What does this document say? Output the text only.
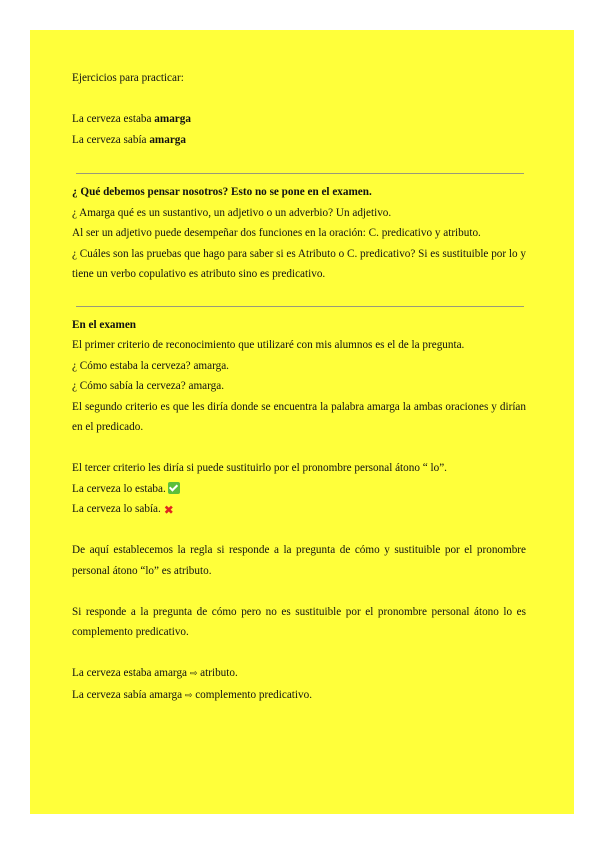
Ejercicios para practicar:
La cerveza estaba amarga
La cerveza sabía amarga
¿ Qué debemos pensar nosotros? Esto no se pone en el examen.
¿ Amarga qué es un sustantivo, un adjetivo o un adverbio? Un adjetivo.
Al ser un adjetivo puede desempeñar dos funciones en la oración: C. predicativo y atributo.
¿ Cuáles son las pruebas que hago para saber si es Atributo o C. predicativo? Si es sustituible por lo y tiene un verbo copulativo es atributo sino es predicativo.
En el examen
El primer criterio de reconocimiento que utilizaré con mis alumnos es el de la pregunta.
¿ Cómo estaba la cerveza? amarga.
¿ Cómo sabía la cerveza? amarga.
El segundo criterio es que les diría donde se encuentra la palabra amarga la ambas oraciones y dirían en el predicado.
El tercer criterio les diría si puede sustituirlo por el pronombre personal átono “ lo”.
La cerveza lo estaba.
La cerveza lo sabía. ✖
De aquí establecemos la regla si responde a la pregunta de cómo y sustituible por el pronombre personal átono “lo” es atributo.
Si responde a la pregunta de cómo pero no es sustituible por el pronombre personal átono lo es complemento predicativo.
La cerveza estaba amarga ⇨ atributo.
La cerveza sabía amarga ⇨ complemento predicativo.
